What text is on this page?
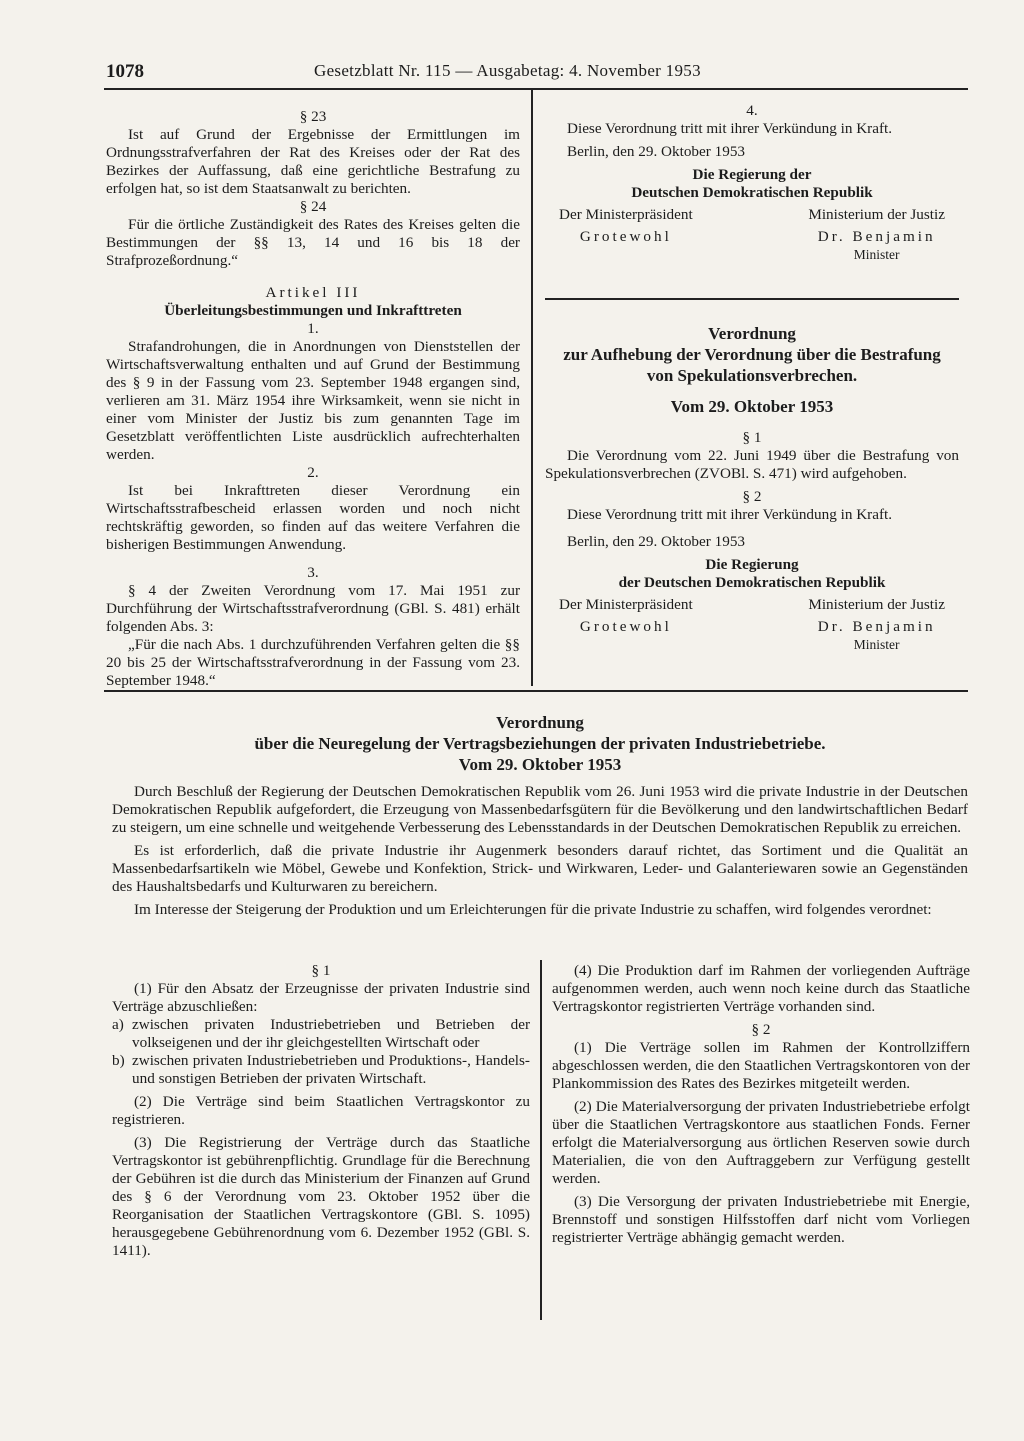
1078	Gesetzblatt Nr. 115 — Ausgabetag: 4. November 1953

§ 23

Ist auf Grund der Ergebnisse der Ermittlungen im Ordnungsstrafverfahren der Rat des Kreises oder der Rat des Bezirkes der Auffassung, daß eine gerichtliche Bestrafung zu erfolgen hat, so ist dem Staatsanwalt zu berichten.

§ 24

Für die örtliche Zuständigkeit des Rates des Kreises gelten die Bestimmungen der §§ 13, 14 und 16 bis 18 der Strafprozeßordnung.“

Artikel III

Überleitungsbestimmungen und Inkrafttreten

1.

Strafandrohungen, die in Anordnungen von Dienststellen der Wirtschaftsverwaltung enthalten und auf Grund der Bestimmung des § 9 in der Fassung vom 23. September 1948 ergangen sind, verlieren am 31. März 1954 ihre Wirksamkeit, wenn sie nicht in einer vom Minister der Justiz bis zum genannten Tage im Gesetzblatt veröffentlichten Liste ausdrücklich aufrechterhalten werden.

2.

Ist bei Inkrafttreten dieser Verordnung ein Wirtschaftsstrafbescheid erlassen worden und noch nicht rechtskräftig geworden, so finden auf das weitere Verfahren die bisherigen Bestimmungen Anwendung.

3.

§ 4 der Zweiten Verordnung vom 17. Mai 1951 zur Durchführung der Wirtschaftsstrafverordnung (GBl. S. 481) erhält folgenden Abs. 3:

„Für die nach Abs. 1 durchzuführenden Verfahren gelten die §§ 20 bis 25 der Wirtschaftsstrafverordnung in der Fassung vom 23. September 1948.“

4.

Diese Verordnung tritt mit ihrer Verkündung in Kraft.

Berlin, den 29. Oktober 1953

Die Regierung der

Deutschen Demokratischen Republik

Der Ministerpräsident
Grotewohl
Ministerium der Justiz
Dr. Benjamin
Minister
Verordnung
zur Aufhebung der Verordnung über die Bestrafung
von Spekulationsverbrechen.
Vom 29. Oktober 1953

§ 1

Die Verordnung vom 22. Juni 1949 über die Bestrafung von Spekulationsverbrechen (ZVOBl. S. 471) wird aufgehoben.

§ 2

Diese Verordnung tritt mit ihrer Verkündung in Kraft.

Berlin, den 29. Oktober 1953

Die Regierung

der Deutschen Demokratischen Republik

Der Ministerpräsident
Grotewohl
Ministerium der Justiz
Dr. Benjamin
Minister
Verordnung
über die Neuregelung der Vertragsbeziehungen der privaten Industriebetriebe.
Vom 29. Oktober 1953

Durch Beschluß der Regierung der Deutschen Demokratischen Republik vom 26. Juni 1953 wird die private Industrie in der Deutschen Demokratischen Republik aufgefordert, die Erzeugung von Massenbedarfsgütern für die Bevölkerung und den landwirtschaftlichen Bedarf zu steigern, um eine schnelle und weitgehende Verbesserung des Lebensstandards in der Deutschen Demokratischen Republik zu erreichen.

Es ist erforderlich, daß die private Industrie ihr Augenmerk besonders darauf richtet, das Sortiment und die Qualität an Massenbedarfsartikeln wie Möbel, Gewebe und Konfektion, Strick- und Wirkwaren, Leder- und Galanteriewaren sowie an Gegenständen des Haushaltsbedarfs und Kulturwaren zu bereichern.

Im Interesse der Steigerung der Produktion und um Erleichterungen für die private Industrie zu schaffen, wird folgendes verordnet:

§ 1

(1) Für den Absatz der Erzeugnisse der privaten Industrie sind Verträge abzuschließen:

a) zwischen privaten Industriebetrieben und Betrieben der volkseigenen und der ihr gleichgestellten Wirtschaft oder
b) zwischen privaten Industriebetrieben und Produktions-, Handels- und sonstigen Betrieben der privaten Wirtschaft.

(2) Die Verträge sind beim Staatlichen Vertragskontor zu registrieren.

(3) Die Registrierung der Verträge durch das Staatliche Vertragskontor ist gebührenpflichtig. Grundlage für die Berechnung der Gebühren ist die durch das Ministerium der Finanzen auf Grund des § 6 der Verordnung vom 23. Oktober 1952 über die Reorganisation der Staatlichen Vertragskontore (GBl. S. 1095) herausgegebene Gebührenordnung vom 6. Dezember 1952 (GBl. S. 1411).

(4) Die Produktion darf im Rahmen der vorliegenden Aufträge aufgenommen werden, auch wenn noch keine durch das Staatliche Vertragskontor registrierten Verträge vorhanden sind.

§ 2

(1) Die Verträge sollen im Rahmen der Kontrollziffern abgeschlossen werden, die den Staatlichen Vertragskontoren von der Plankommission des Rates des Bezirkes mitgeteilt werden.

(2) Die Materialversorgung der privaten Industriebetriebe erfolgt über die Staatlichen Vertragskontore aus staatlichen Fonds. Ferner erfolgt die Materialversorgung aus örtlichen Reserven sowie durch Materialien, die von den Auftraggebern zur Verfügung gestellt werden.

(3) Die Versorgung der privaten Industriebetriebe mit Energie, Brennstoff und sonstigen Hilfsstoffen darf nicht vom Vorliegen registrierter Verträge abhängig gemacht werden.
